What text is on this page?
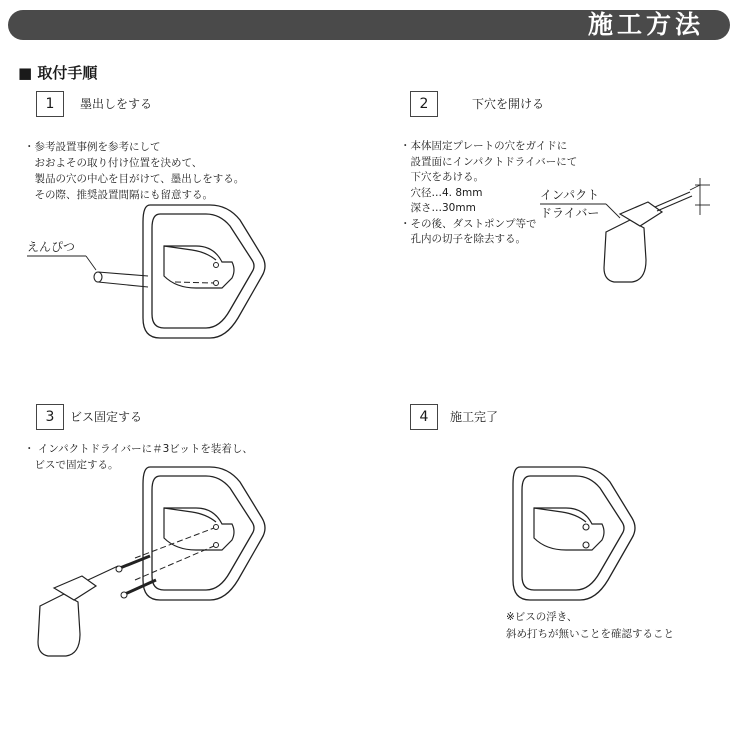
施工方法
■ 取付手順
1	墨出しをする
・参考設置事例を参考にして
　おおよその取り付け位置を決めて、
　製品の穴の中心を目がけて、墨出しをする。
　その際、推奨設置間隔にも留意する。
2	下穴を開ける
・本体固定プレートの穴をガイドに
　設置面にインパクトドライバーにて
　下穴をあける。
　穴径…4. 8mm
　深さ…30mm
・その後、ダストポンプ等で
　孔内の切子を除去する。
3	ビス固定する
・ インパクトドライバーに＃3ビットを装着し、
　ビスで固定する。
4	施工完了
※ビスの浮き、
斜め打ちが無いことを確認すること
えんぴつ
インパクト
ドライバー
